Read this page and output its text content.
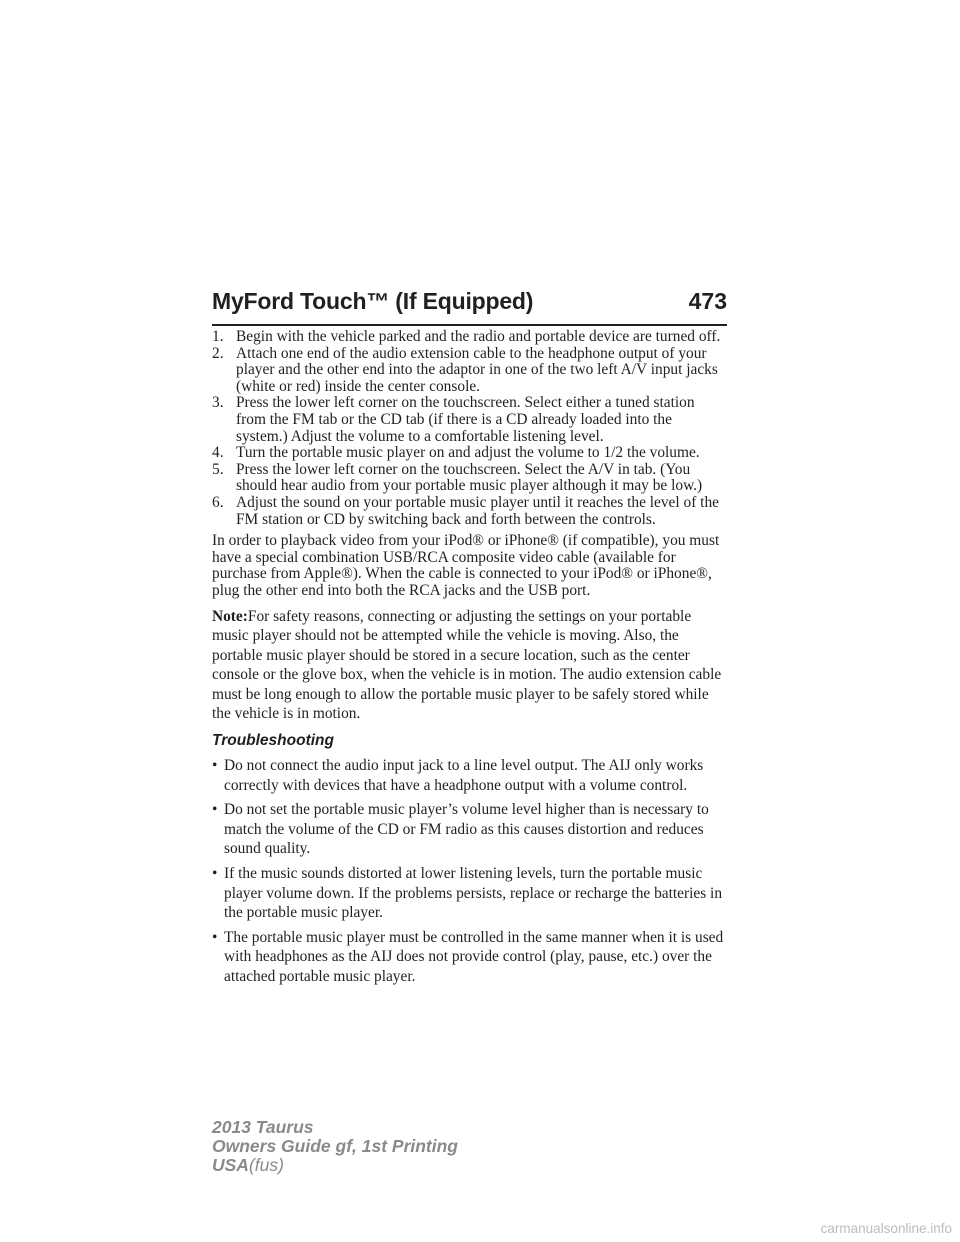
MyFord Touch™ (If Equipped)	473
1. Begin with the vehicle parked and the radio and portable device are turned off.
2. Attach one end of the audio extension cable to the headphone output of your player and the other end into the adaptor in one of the two left A/V input jacks (white or red) inside the center console.
3. Press the lower left corner on the touchscreen. Select either a tuned station from the FM tab or the CD tab (if there is a CD already loaded into the system.) Adjust the volume to a comfortable listening level.
4. Turn the portable music player on and adjust the volume to 1/2 the volume.
5. Press the lower left corner on the touchscreen. Select the A/V in tab. (You should hear audio from your portable music player although it may be low.)
6. Adjust the sound on your portable music player until it reaches the level of the FM station or CD by switching back and forth between the controls.

In order to playback video from your iPod® or iPhone® (if compatible), you must have a special combination USB/RCA composite video cable (available for purchase from Apple®). When the cable is connected to your iPod® or iPhone®, plug the other end into both the RCA jacks and the USB port.

Note:For safety reasons, connecting or adjusting the settings on your portable music player should not be attempted while the vehicle is moving. Also, the portable music player should be stored in a secure location, such as the center console or the glove box, when the vehicle is in motion. The audio extension cable must be long enough to allow the portable music player to be safely stored while the vehicle is in motion.

Troubleshooting
• Do not connect the audio input jack to a line level output. The AIJ only works correctly with devices that have a headphone output with a volume control.
• Do not set the portable music player’s volume level higher than is necessary to match the volume of the CD or FM radio as this causes distortion and reduces sound quality.
• If the music sounds distorted at lower listening levels, turn the portable music player volume down. If the problems persists, replace or recharge the batteries in the portable music player.
• The portable music player must be controlled in the same manner when it is used with headphones as the AIJ does not provide control (play, pause, etc.) over the attached portable music player.
2013 Taurus
Owners Guide gf, 1st Printing
USA(fus)
carmanualsonline.info
